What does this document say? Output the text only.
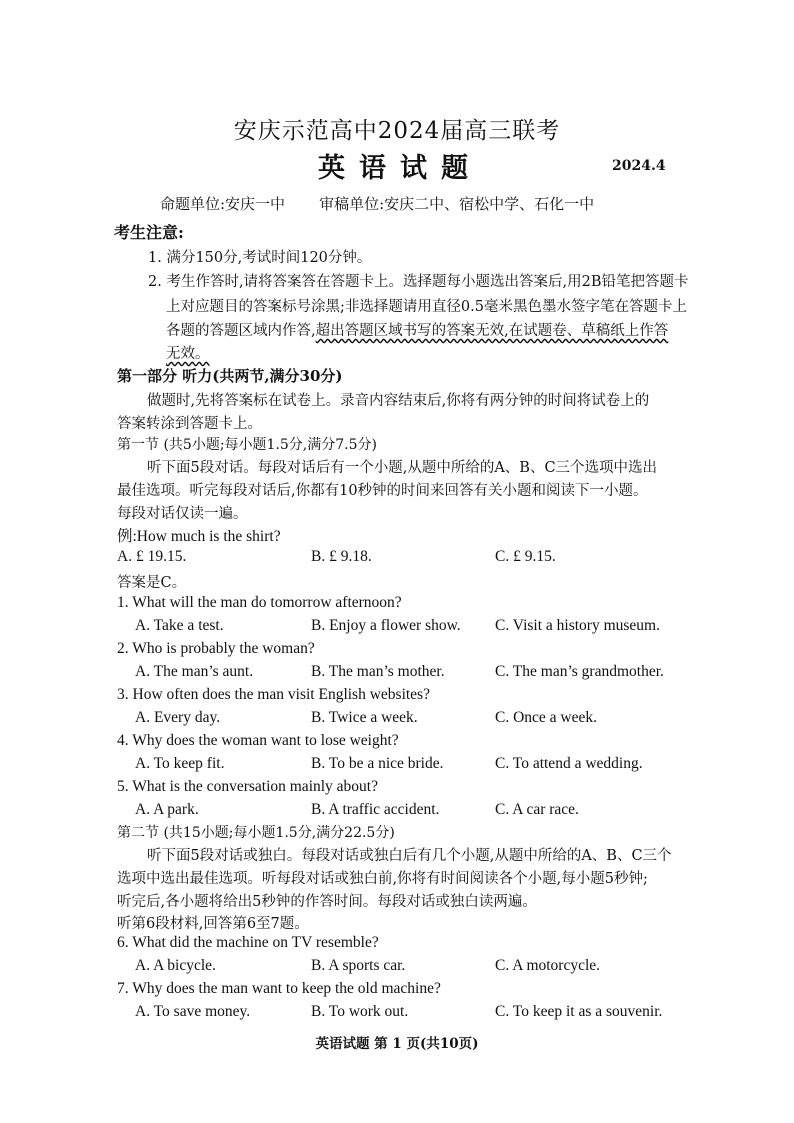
安庆示范高中2024届高三联考
英语试题	2024.4
命题单位:安庆一中 审稿单位:安庆二中、宿松中学、石化一中
考生注意:
1. 满分150分,考试时间120分钟。
2. 考生作答时,请将答案答在答题卡上。选择题每小题选出答案后,用2B铅笔把答题卡
上对应题目的答案标号涂黑;非选择题请用直径0.5毫米黑色墨水签字笔在答题卡上
各题的答题区域内作答,超出答题区域书写的答案无效,在试题卷、草稿纸上作答
无效。
第一部分 听力(共两节,满分30分)
做题时,先将答案标在试卷上。录音内容结束后,你将有两分钟的时间将试卷上的
答案转涂到答题卡上。
第一节 (共5小题;每小题1.5分,满分7.5分)
听下面5段对话。每段对话后有一个小题,从题中所给的A、B、C三个选项中选出
最佳选项。听完每段对话后,你都有10秒钟的时间来回答有关小题和阅读下一小题。
每段对话仅读一遍。
例:How much is the shirt?
A. £ 19.15.	B. £ 9.18.	C. £ 9.15.
答案是C。
1. What will the man do tomorrow afternoon?
A. Take a test.	B. Enjoy a flower show. C. Visit a history museum.
2. Who is probably the woman?
A. The man’s aunt.	B. The man’s mother.	C. The man’s grandmother.
3. How often does the man visit English websites?
A. Every day.	B. Twice a week.	C. Once a week.
4. Why does the woman want to lose weight?
A. To keep fit.	B. To be a nice bride.	C. To attend a wedding.
5. What is the conversation mainly about?
A. A park.	B. A traffic accident.	C. A car race.
第二节 (共15小题;每小题1.5分,满分22.5分)
听下面5段对话或独白。每段对话或独白后有几个小题,从题中所给的A、B、C三个
选项中选出最佳选项。听每段对话或独白前,你将有时间阅读各个小题,每小题5秒钟;
听完后,各小题将给出5秒钟的作答时间。每段对话或独白读两遍。
听第6段材料,回答第6至7题。
6. What did the machine on TV resemble?
A. A bicycle.	B. A sports car.	C. A motorcycle.
7. Why does the man want to keep the old machine?
A. To save money.	B. To work out.	C. To keep it as a souvenir.
英语试题 第 1 页(共10页)
